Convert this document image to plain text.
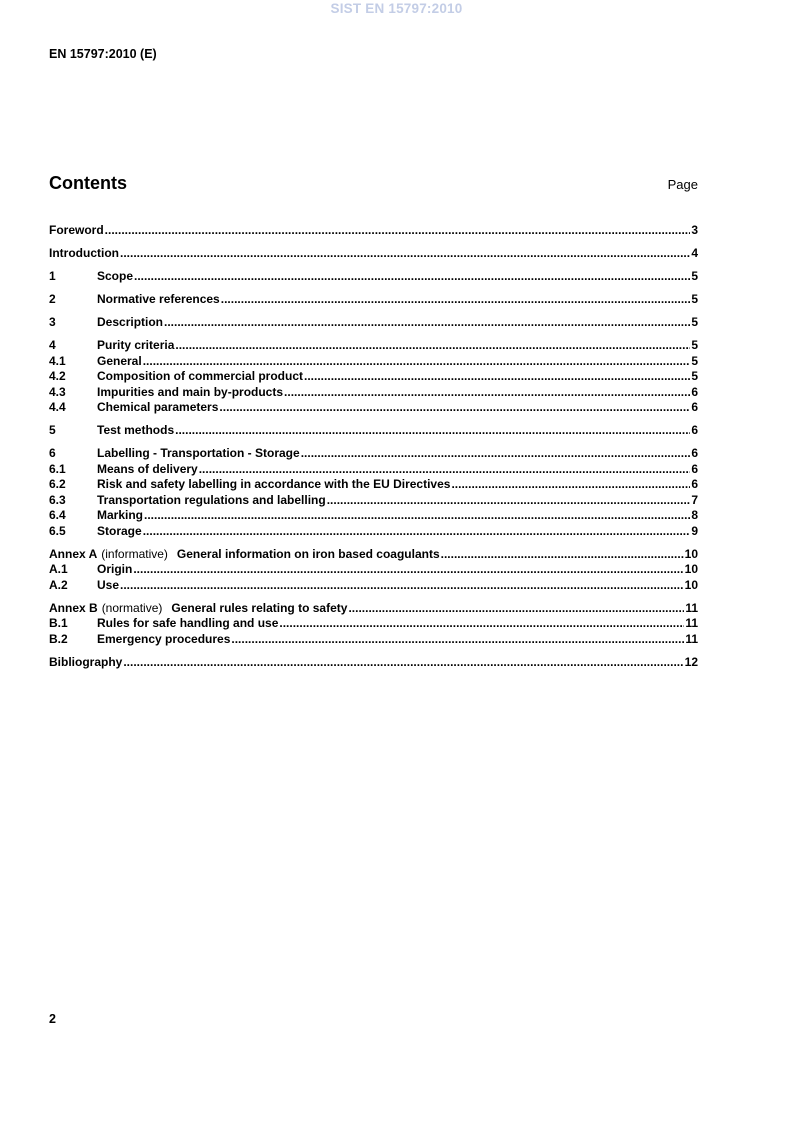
SIST EN 15797:2010
EN 15797:2010 (E)
Contents	Page
Foreword .....	3
Introduction .....	4
1	Scope .....	5
2	Normative references .....	5
3	Description .....	5
4	Purity criteria .....	5
4.1	General .....	5
4.2	Composition of commercial product .....	5
4.3	Impurities and main by-products .....	6
4.4	Chemical parameters .....	6
5	Test methods .....	6
6	Labelling - Transportation - Storage .....	6
6.1	Means of delivery .....	6
6.2	Risk and safety labelling in accordance with the EU Directives .....	6
6.3	Transportation regulations and labelling .....	7
6.4	Marking .....	8
6.5	Storage .....	9
Annex A (informative) General information on iron based coagulants .....	10
A.1	Origin .....	10
A.2	Use .....	10
Annex B (normative) General rules relating to safety .....	11
B.1	Rules for safe handling and use .....	11
B.2	Emergency procedures .....	11
Bibliography .....	12
2
